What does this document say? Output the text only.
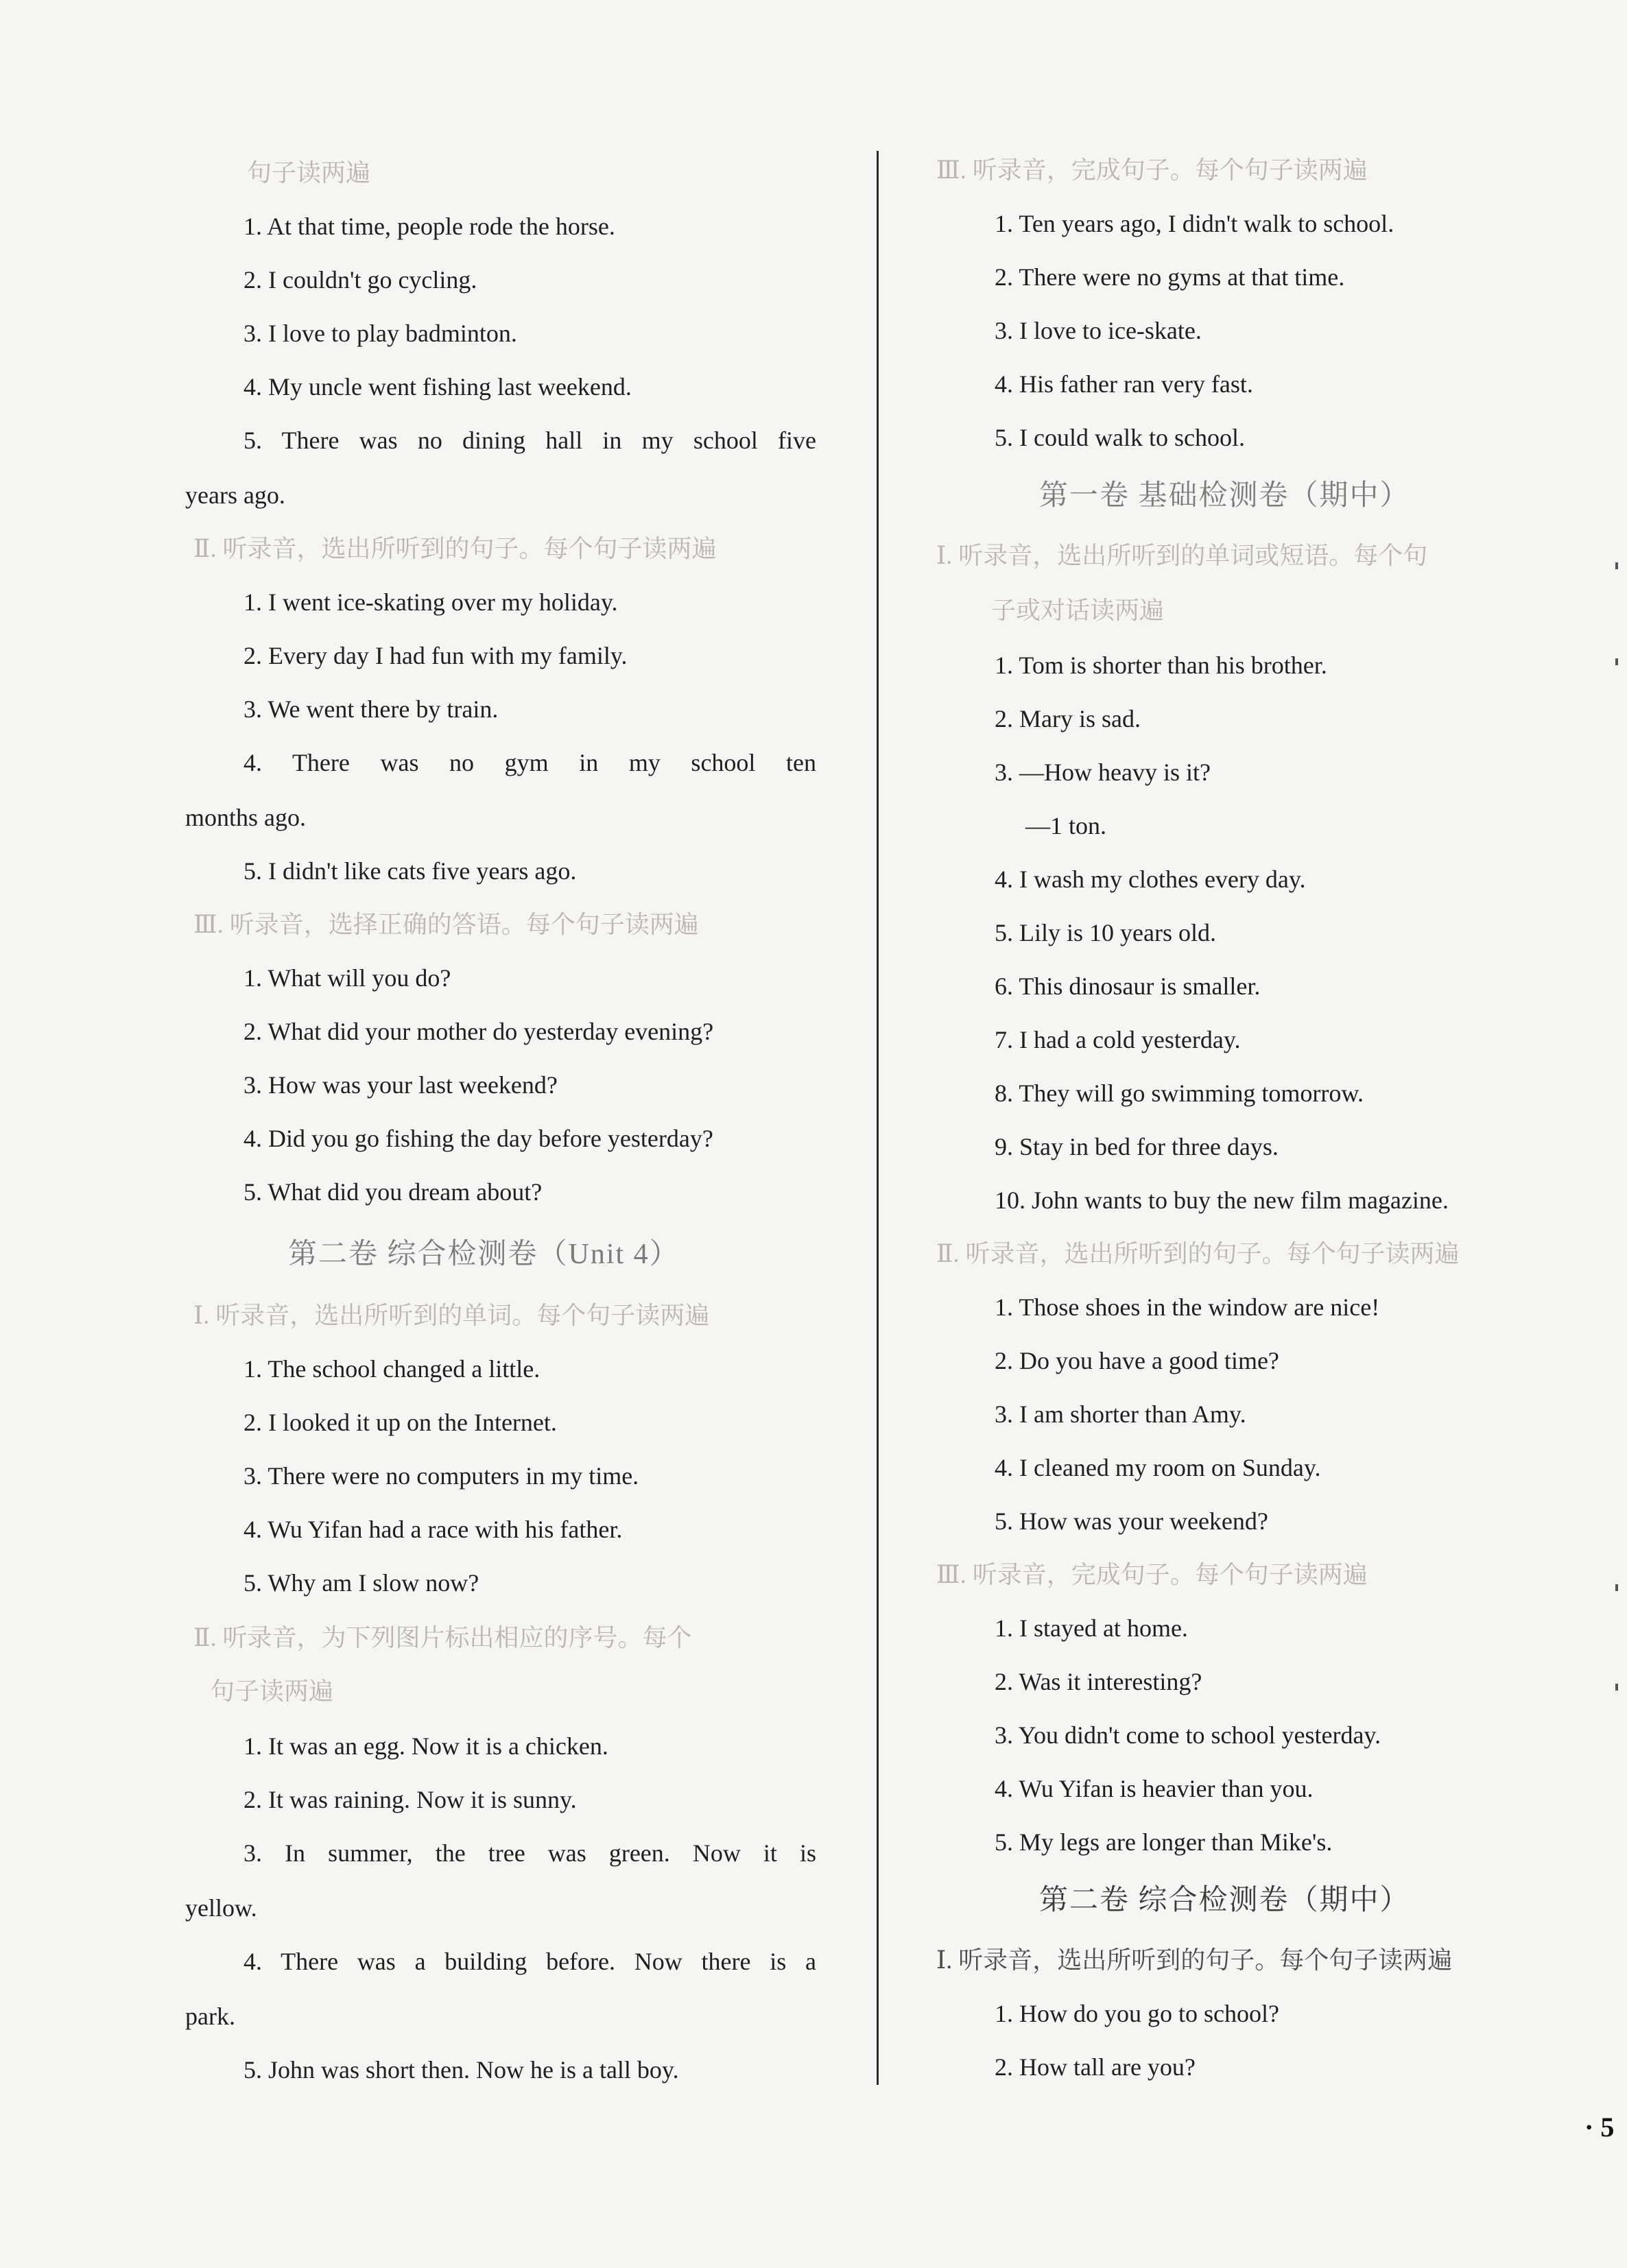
句子读两遍
1. At that time, people rode the horse.
2. I couldn't go cycling.
3. I love to play badminton.
4. My uncle went fishing last weekend.
5. There was no dining hall in my school five
years ago.
Ⅱ. 听录音，选出所听到的句子。每个句子读两遍
1. I went ice-skating over my holiday.
2. Every day I had fun with my family.
3. We went there by train.
4. There was no gym in my school ten
months ago.
5. I didn't like cats five years ago.
Ⅲ. 听录音，选择正确的答语。每个句子读两遍
1. What will you do?
2. What did your mother do yesterday evening?
3. How was your last weekend?
4. Did you go fishing the day before yesterday?
5. What did you dream about?
第二卷 综合检测卷（Unit 4）
Ⅰ. 听录音，选出所听到的单词。每个句子读两遍
1. The school changed a little.
2. I looked it up on the Internet.
3. There were no computers in my time.
4. Wu Yifan had a race with his father.
5. Why am I slow now?
Ⅱ. 听录音，为下列图片标出相应的序号。每个
句子读两遍
1. It was an egg. Now it is a chicken.
2. It was raining. Now it is sunny.
3. In summer, the tree was green. Now it is
yellow.
4. There was a building before. Now there is a
park.
5. John was short then. Now he is a tall boy.
Ⅲ. 听录音，完成句子。每个句子读两遍
1. Ten years ago, I didn't walk to school.
2. There were no gyms at that time.
3. I love to ice-skate.
4. His father ran very fast.
5. I could walk to school.
第一卷 基础检测卷（期中）
Ⅰ. 听录音，选出所听到的单词或短语。每个句
子或对话读两遍
1. Tom is shorter than his brother.
2. Mary is sad.
3. —How heavy is it?
—1 ton.
4. I wash my clothes every day.
5. Lily is 10 years old.
6. This dinosaur is smaller.
7. I had a cold yesterday.
8. They will go swimming tomorrow.
9. Stay in bed for three days.
10. John wants to buy the new film magazine.
Ⅱ. 听录音，选出所听到的句子。每个句子读两遍
1. Those shoes in the window are nice!
2. Do you have a good time?
3. I am shorter than Amy.
4. I cleaned my room on Sunday.
5. How was your weekend?
Ⅲ. 听录音，完成句子。每个句子读两遍
1. I stayed at home.
2. Was it interesting?
3. You didn't come to school yesterday.
4. Wu Yifan is heavier than you.
5. My legs are longer than Mike's.
第二卷 综合检测卷（期中）
Ⅰ. 听录音，选出所听到的句子。每个句子读两遍
1. How do you go to school?
2. How tall are you?
· 5
